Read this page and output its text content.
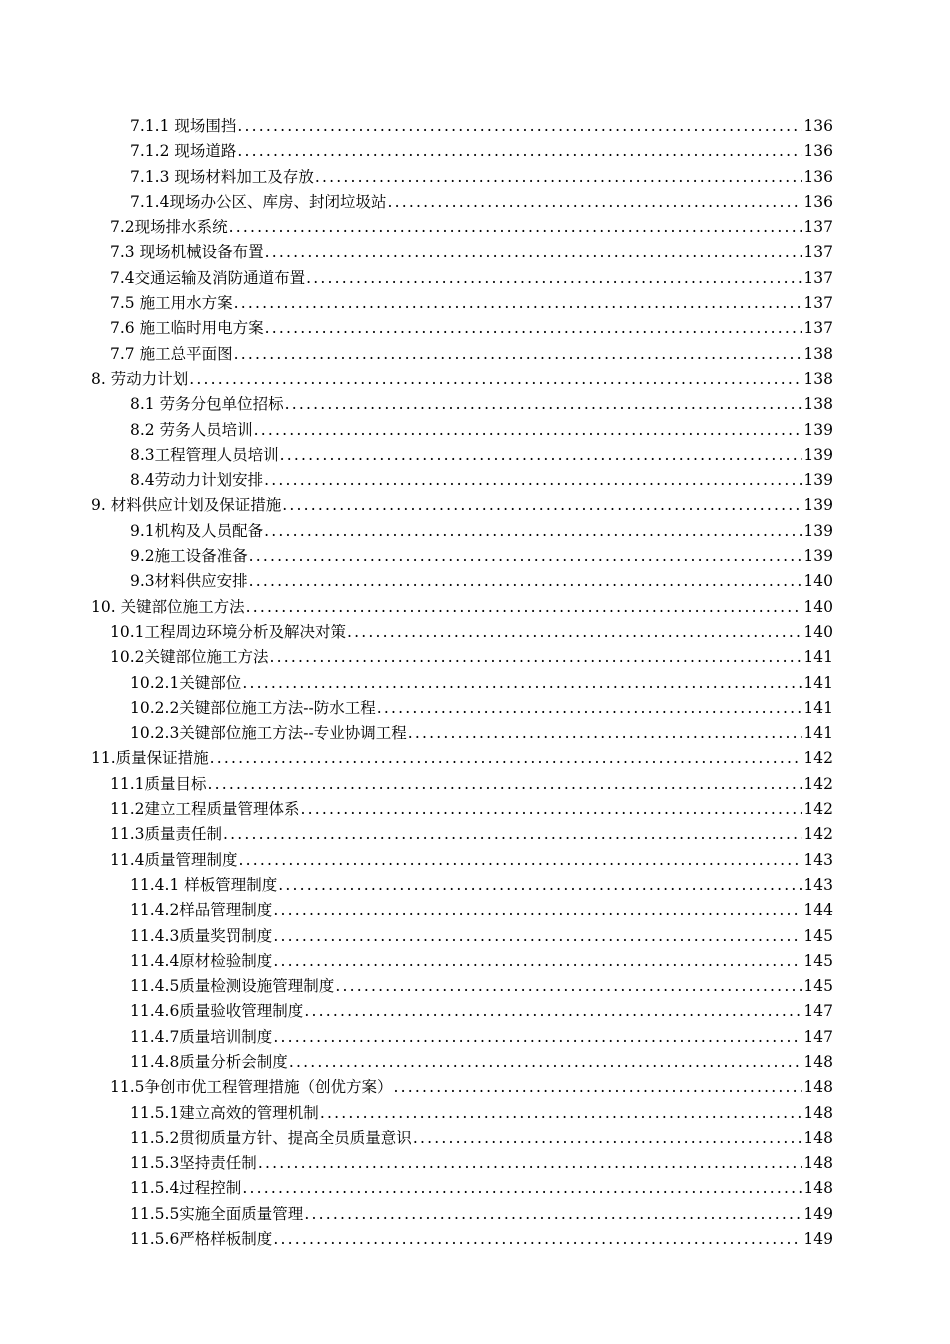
7.1.1 现场围挡 .....	136
7.1.2 现场道路 .....	136
7.1.3 现场材料加工及存放 .....	136
7.1.4现场办公区、库房、封闭垃圾站 .....	136
7.2现场排水系统 .....	137
7.3 现场机械设备布置 .....	137
7.4交通运输及消防通道布置 .....	137
7.5 施工用水方案 .....	137
7.6 施工临时用电方案 .....	137
7.7 施工总平面图 .....	138
8. 劳动力计划 .....	138
8.1 劳务分包单位招标 .....	138
8.2 劳务人员培训 .....	139
8.3工程管理人员培训 .....	139
8.4劳动力计划安排 .....	139
9. 材料供应计划及保证措施 .....	139
9.1机构及人员配备 .....	139
9.2施工设备准备 .....	139
9.3材料供应安排 .....	140
10. 关键部位施工方法 .....	140
10.1工程周边环境分析及解决对策 .....	140
10.2关键部位施工方法 .....	141
10.2.1关键部位 .....	141
10.2.2关键部位施工方法--防水工程 .....	141
10.2.3关键部位施工方法--专业协调工程 .....	141
11.质量保证措施 .....	142
11.1质量目标 .....	142
11.2建立工程质量管理体系 .....	142
11.3质量责任制 .....	142
11.4质量管理制度 .....	143
11.4.1 样板管理制度 .....	143
11.4.2样品管理制度 .....	144
11.4.3质量奖罚制度 .....	145
11.4.4原材检验制度 .....	145
11.4.5质量检测设施管理制度 .....	145
11.4.6质量验收管理制度 .....	147
11.4.7质量培训制度 .....	147
11.4.8质量分析会制度 .....	148
11.5争创市优工程管理措施（创优方案） .....	148
11.5.1建立高效的管理机制 .....	148
11.5.2贯彻质量方针、提高全员质量意识 .....	148
11.5.3坚持责任制 .....	148
11.5.4过程控制 .....	148
11.5.5实施全面质量管理 .....	149
11.5.6严格样板制度 .....	149
